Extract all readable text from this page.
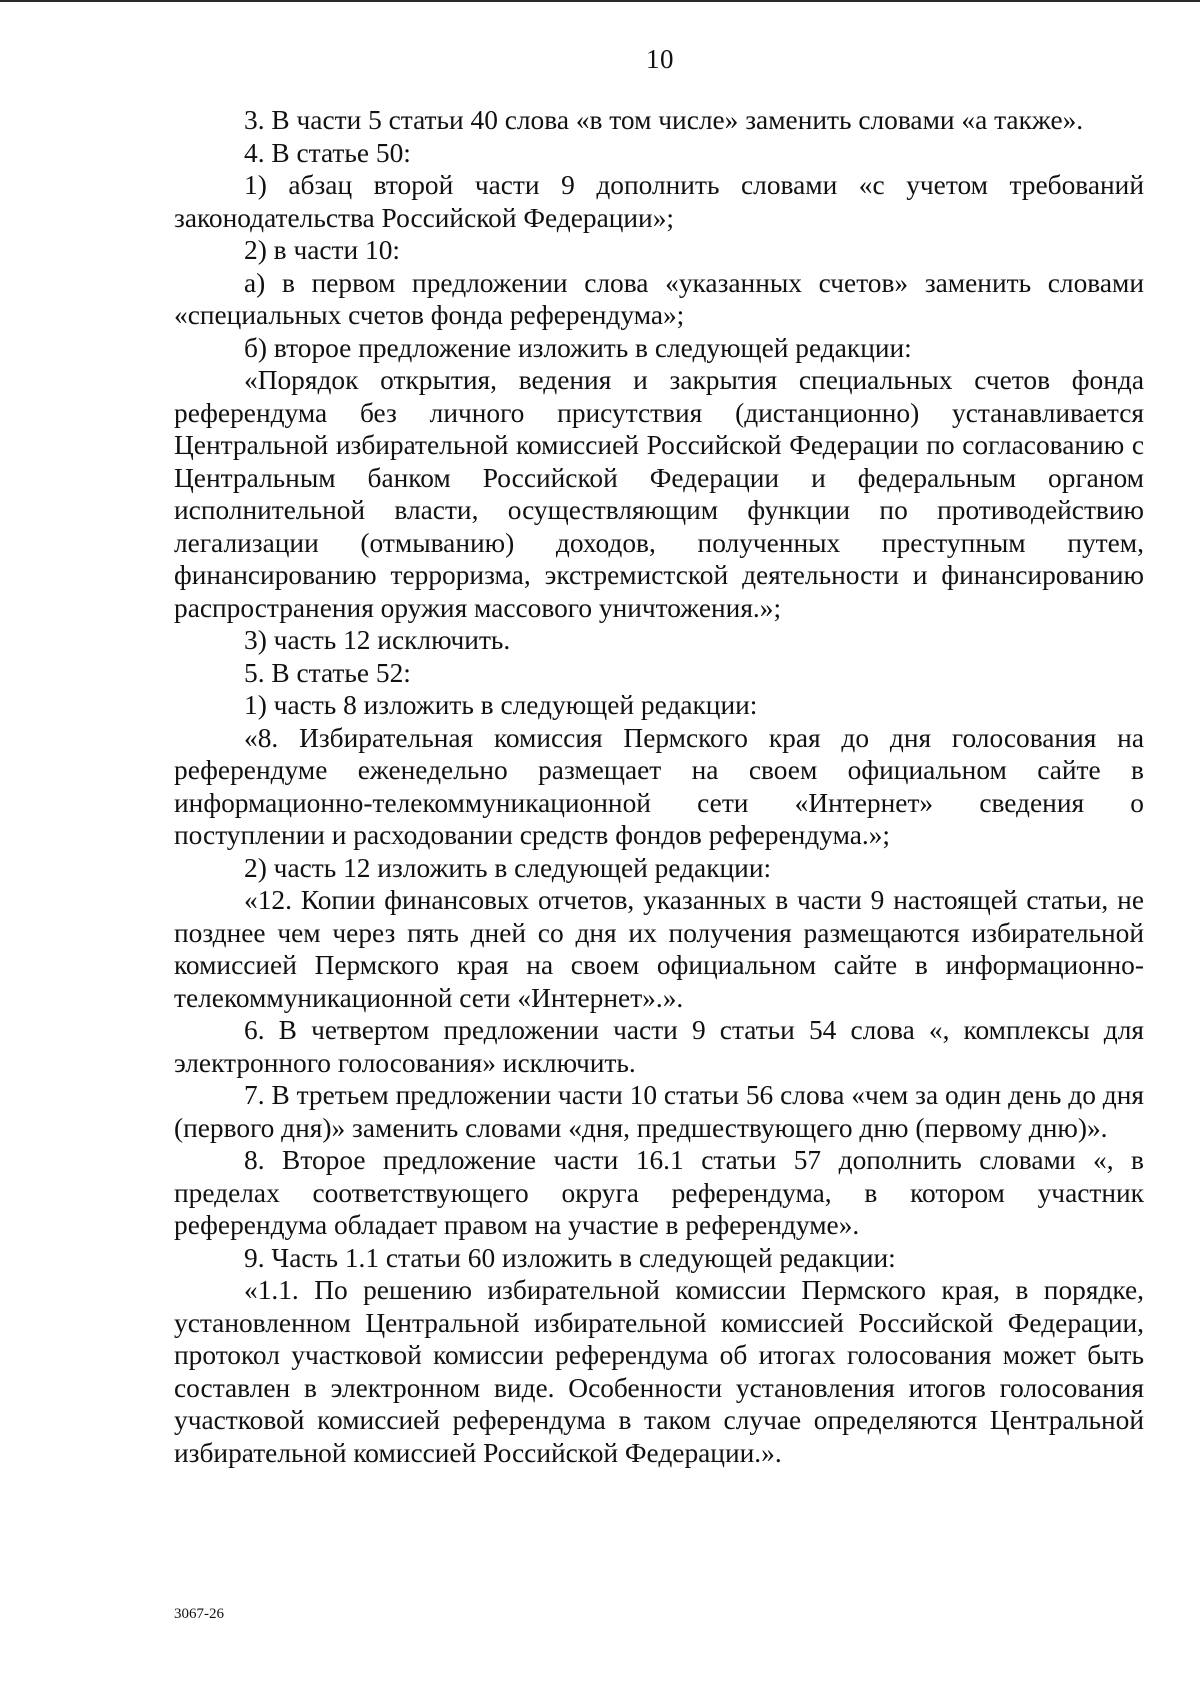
10

3. В части 5 статьи 40 слова «в том числе» заменить словами «а также».

4. В статье 50:

1) абзац второй части 9 дополнить словами «с учетом требований законодательства Российской Федерации»;

2) в части 10:

а) в первом предложении слова «указанных счетов» заменить словами «специальных счетов фонда референдума»;

б) второе предложение изложить в следующей редакции:

«Порядок открытия, ведения и закрытия специальных счетов фонда референдума без личного присутствия (дистанционно) устанавливается Центральной избирательной комиссией Российской Федерации по согласованию с Центральным банком Российской Федерации и федеральным органом исполнительной власти, осуществляющим функции по противодействию легализации (отмыванию) доходов, полученных преступным путем, финансированию терроризма, экстремистской деятельности и финансированию распространения оружия массового уничтожения.»;

3) часть 12 исключить.

5. В статье 52:

1) часть 8 изложить в следующей редакции:

«8. Избирательная комиссия Пермского края до дня голосования на референдуме еженедельно размещает на своем официальном сайте в информационно-телекоммуникационной сети «Интернет» сведения о поступлении и расходовании средств фондов референдума.»;

2) часть 12 изложить в следующей редакции:

«12. Копии финансовых отчетов, указанных в части 9 настоящей статьи, не позднее чем через пять дней со дня их получения размещаются избирательной комиссией Пермского края на своем официальном сайте в информационно-телекоммуникационной сети «Интернет».».

6. В четвертом предложении части 9 статьи 54 слова «, комплексы для электронного голосования» исключить.

7. В третьем предложении части 10 статьи 56 слова «чем за один день до дня (первого дня)» заменить словами «дня, предшествующего дню (первому дню)».

8. Второе предложение части 16.1 статьи 57 дополнить словами «, в пределах соответствующего округа референдума, в котором участник референдума обладает правом на участие в референдуме».

9. Часть 1.1 статьи 60 изложить в следующей редакции:

«1.1. По решению избирательной комиссии Пермского края, в порядке, установленном Центральной избирательной комиссией Российской Федерации, протокол участковой комиссии референдума об итогах голосования может быть составлен в электронном виде. Особенности установления итогов голосования участковой комиссией референдума в таком случае определяются Центральной избирательной комиссией Российской Федерации.».

3067-26
